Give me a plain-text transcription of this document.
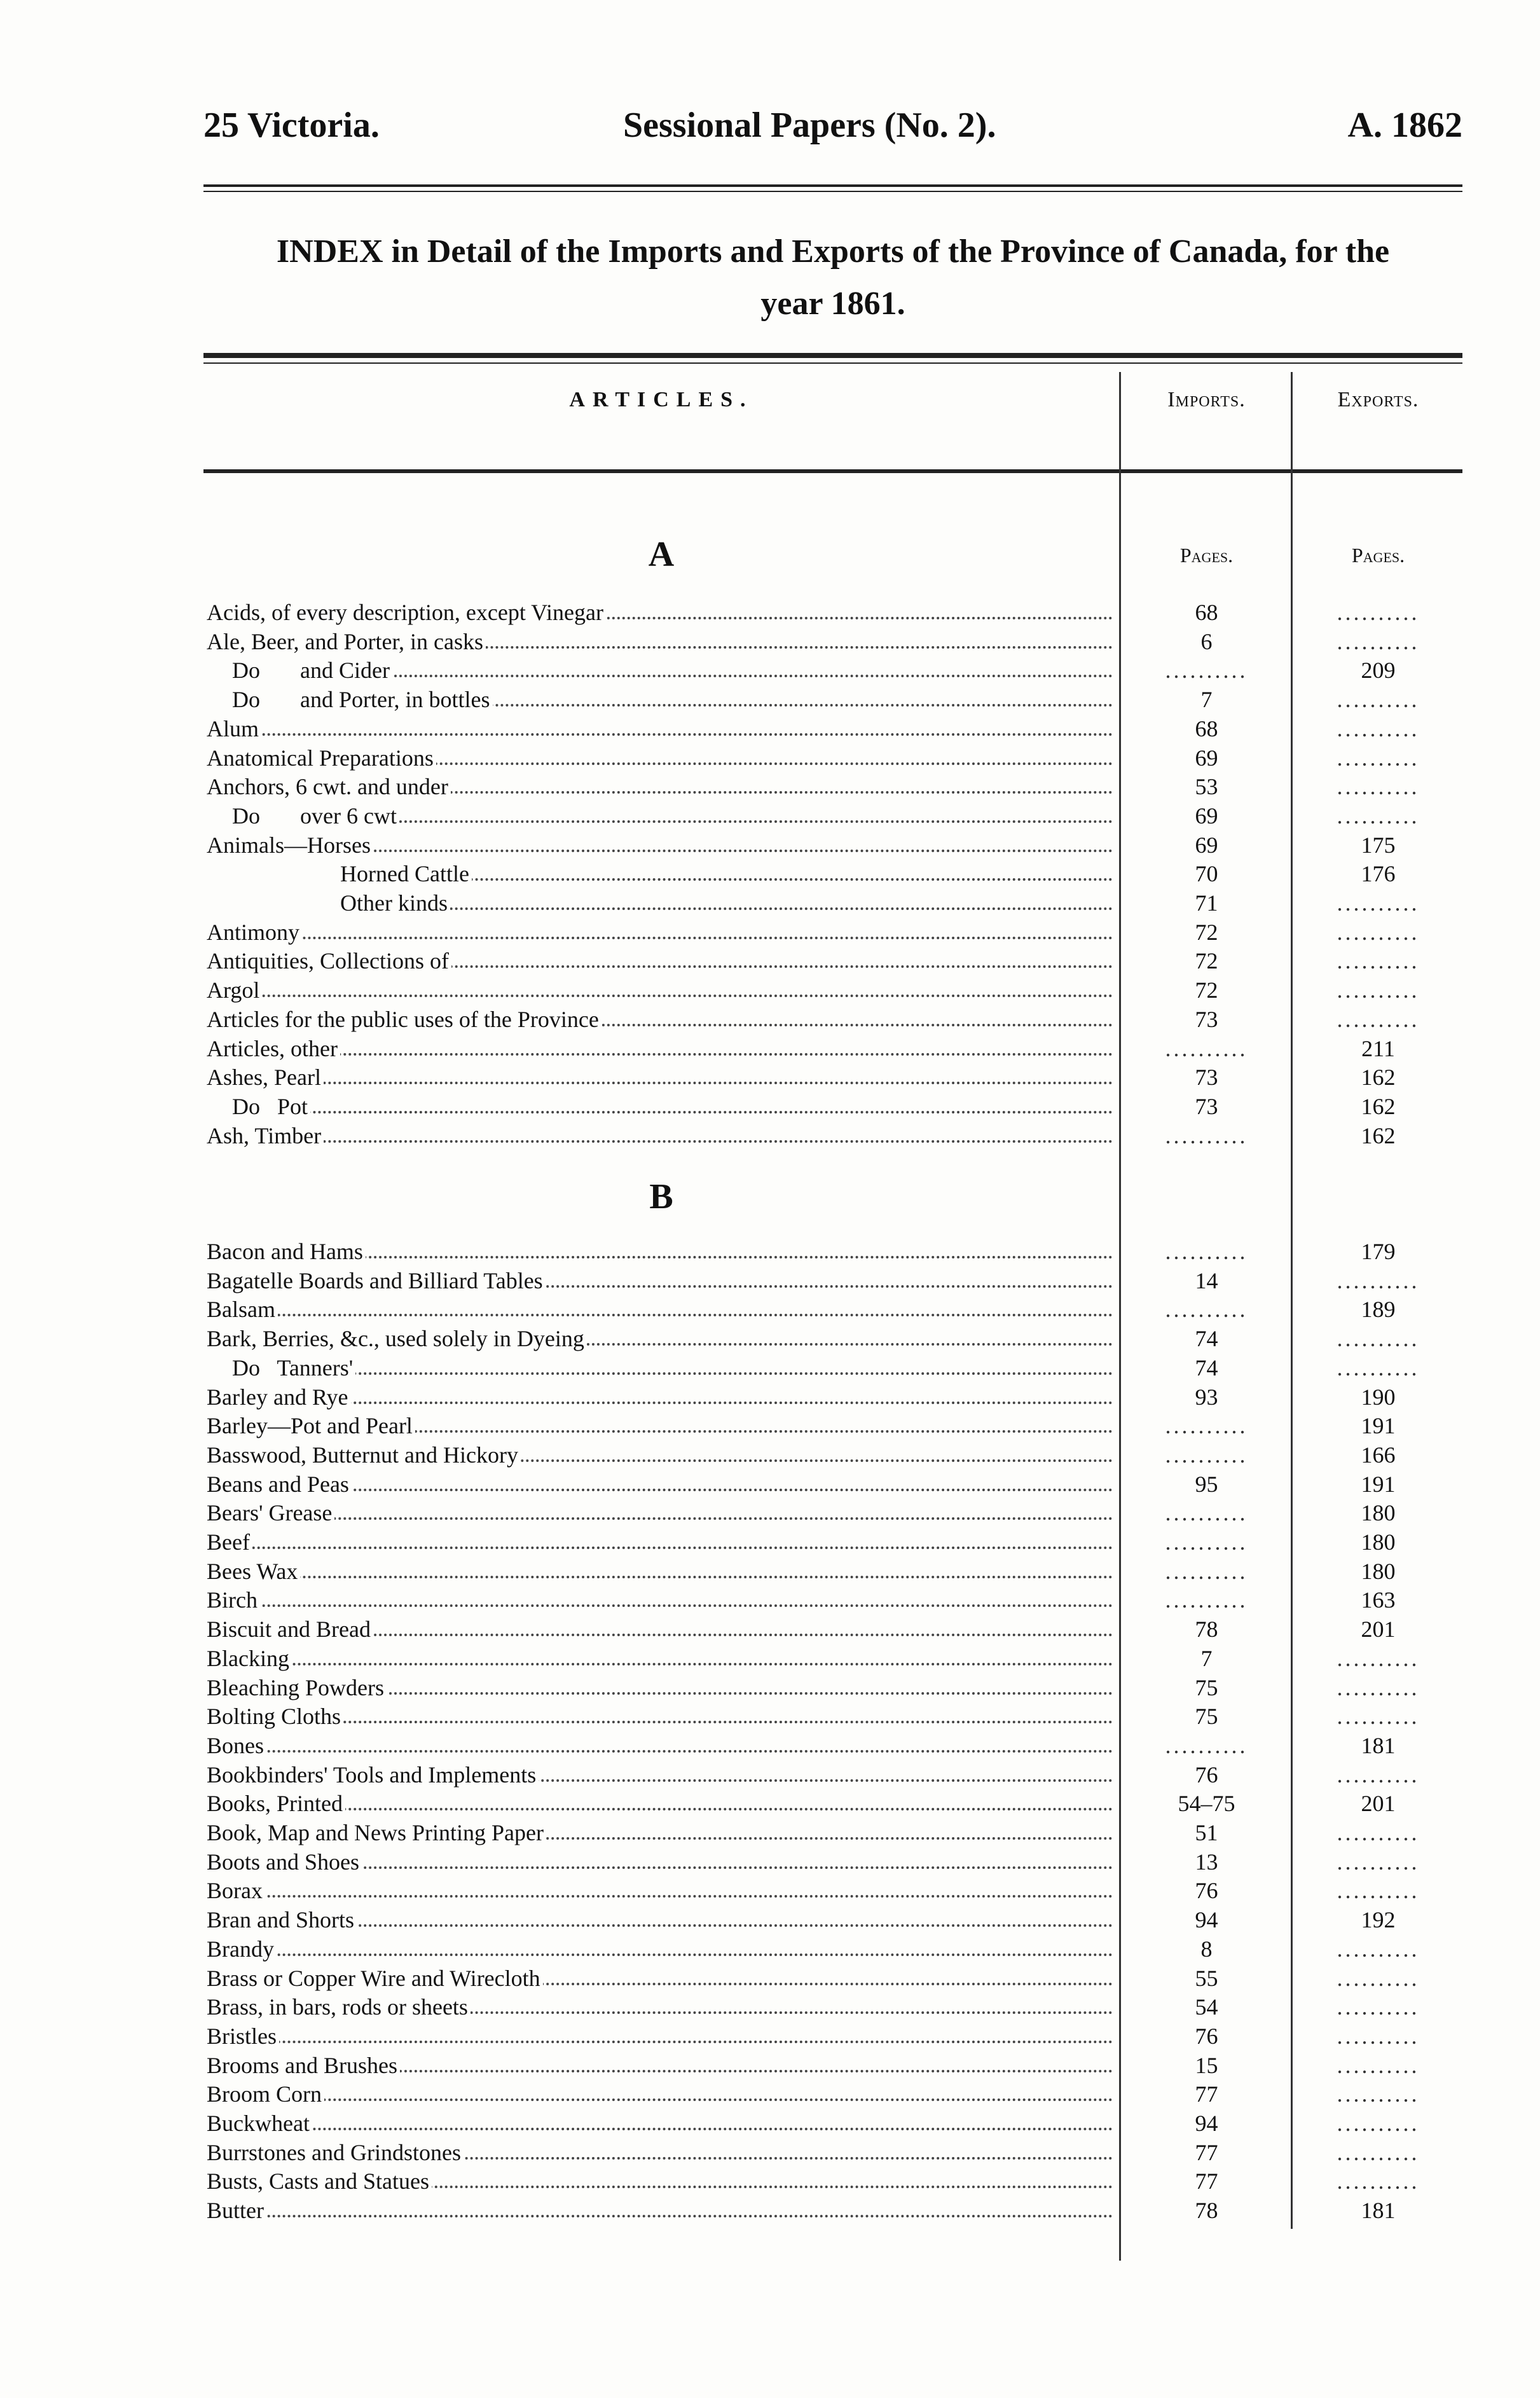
25 Victoria.	Sessional Papers (No. 2).	A. 1862
INDEX in Detail of the Imports and Exports of the Province of Canada, for the
year 1861.
ARTICLES.	Imports.	Exports.
A	Pages.	Pages.
Acids, of every description, except Vinegar	68	..........
Ale, Beer, and Porter, in casks	6	..........
Do       and Cider	..........	209
Do       and Porter, in bottles	7	..........
Alum	68	..........
Anatomical Preparations	69	..........
Anchors, 6 cwt. and under	53	..........
Do       over 6 cwt	69	..........
Animals—Horses	69	175
Horned Cattle	70	176
Other kinds	71	..........
Antimony	72	..........
Antiquities, Collections of	72	..........
Argol	72	..........
Articles for the public uses of the Province	73	..........
Articles, other	..........	211
Ashes, Pearl	73	162
Do   Pot	73	162
Ash, Timber	..........	162
B
Bacon and Hams	..........	179
Bagatelle Boards and Billiard Tables	14	..........
Balsam	..........	189
Bark, Berries, &c., used solely in Dyeing	74	..........
Do   Tanners'	74	..........
Barley and Rye	93	190
Barley—Pot and Pearl	..........	191
Basswood, Butternut and Hickory	..........	166
Beans and Peas	95	191
Bears' Grease	..........	180
Beef	..........	180
Bees Wax	..........	180
Birch	..........	163
Biscuit and Bread	78	201
Blacking	7	..........
Bleaching Powders	75	..........
Bolting Cloths	75	..........
Bones	..........	181
Bookbinders' Tools and Implements	76	..........
Books, Printed	54–75	201
Book, Map and News Printing Paper	51	..........
Boots and Shoes	13	..........
Borax	76	..........
Bran and Shorts	94	192
Brandy	8	..........
Brass or Copper Wire and Wirecloth	55	..........
Brass, in bars, rods or sheets	54	..........
Bristles	76	..........
Brooms and Brushes	15	..........
Broom Corn	77	..........
Buckwheat	94	..........
Burrstones and Grindstones	77	..........
Busts, Casts and Statues	77	..........
Butter	78	181
